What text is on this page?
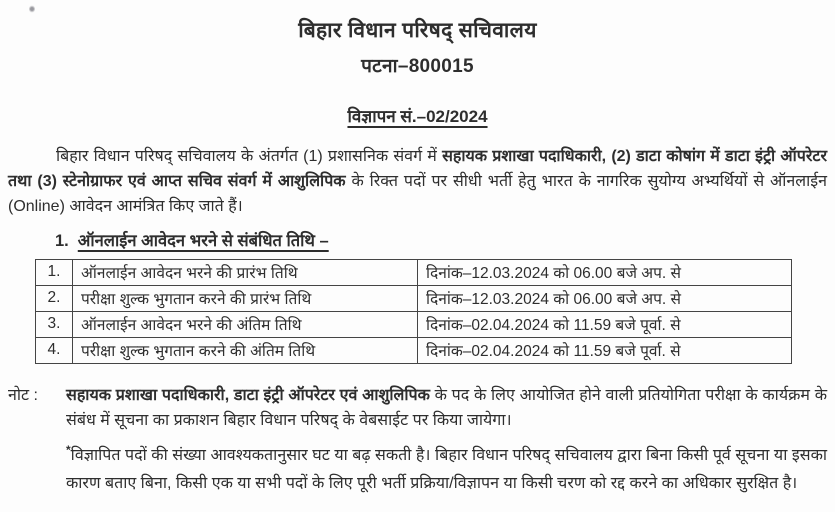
बिहार विधान परिषद् सचिवालय
पटना–800015
विज्ञापन सं.–02/2024

बिहार विधान परिषद् सचिवालय के अंतर्गत (1) प्रशासनिक संवर्ग में सहायक प्रशाखा पदाधिकारी, (2) डाटा कोषांग में डाटा इंट्री ऑपरेटर तथा (3) स्टेनोग्राफर एवं आप्त सचिव संवर्ग में आशुलिपिक के रिक्त पदों पर सीधी भर्ती हेतु भारत के नागरिक सुयोग्य अभ्यर्थियों से ऑनलाईन (Online) आवेदन आमंत्रित किए जाते हैं।

1. ऑनलाईन आवेदन भरने से संबंधित तिथि –
1.	ऑनलाईन आवेदन भरने की प्रारंभ तिथि	दिनांक–12.03.2024 को 06.00 बजे अप. से
2.	परीक्षा शुल्क भुगतान करने की प्रारंभ तिथि	दिनांक–12.03.2024 को 06.00 बजे अप. से
3.	ऑनलाईन आवेदन भरने की अंतिम तिथि	दिनांक–02.04.2024 को 11.59 बजे पूर्वा. से
4.	परीक्षा शुल्क भुगतान करने की अंतिम तिथि	दिनांक–02.04.2024 को 11.59 बजे पूर्वा. से
नोट :	सहायक प्रशाखा पदाधिकारी, डाटा इंट्री ऑपरेटर एवं आशुलिपिक के पद के लिए आयोजित होने वाली प्रतियोगिता परीक्षा के कार्यक्रम के संबंध में सूचना का प्रकाशन बिहार विधान परिषद् के वेबसाईट पर किया जायेगा।

*विज्ञापित पदों की संख्या आवश्यकतानुसार घट या बढ़ सकती है। बिहार विधान परिषद् सचिवालय द्वारा बिना किसी पूर्व सूचना या इसका कारण बताए बिना, किसी एक या सभी पदों के लिए पूरी भर्ती प्रक्रिया/विज्ञापन या किसी चरण को रद्द करने का अधिकार सुरक्षित है।
